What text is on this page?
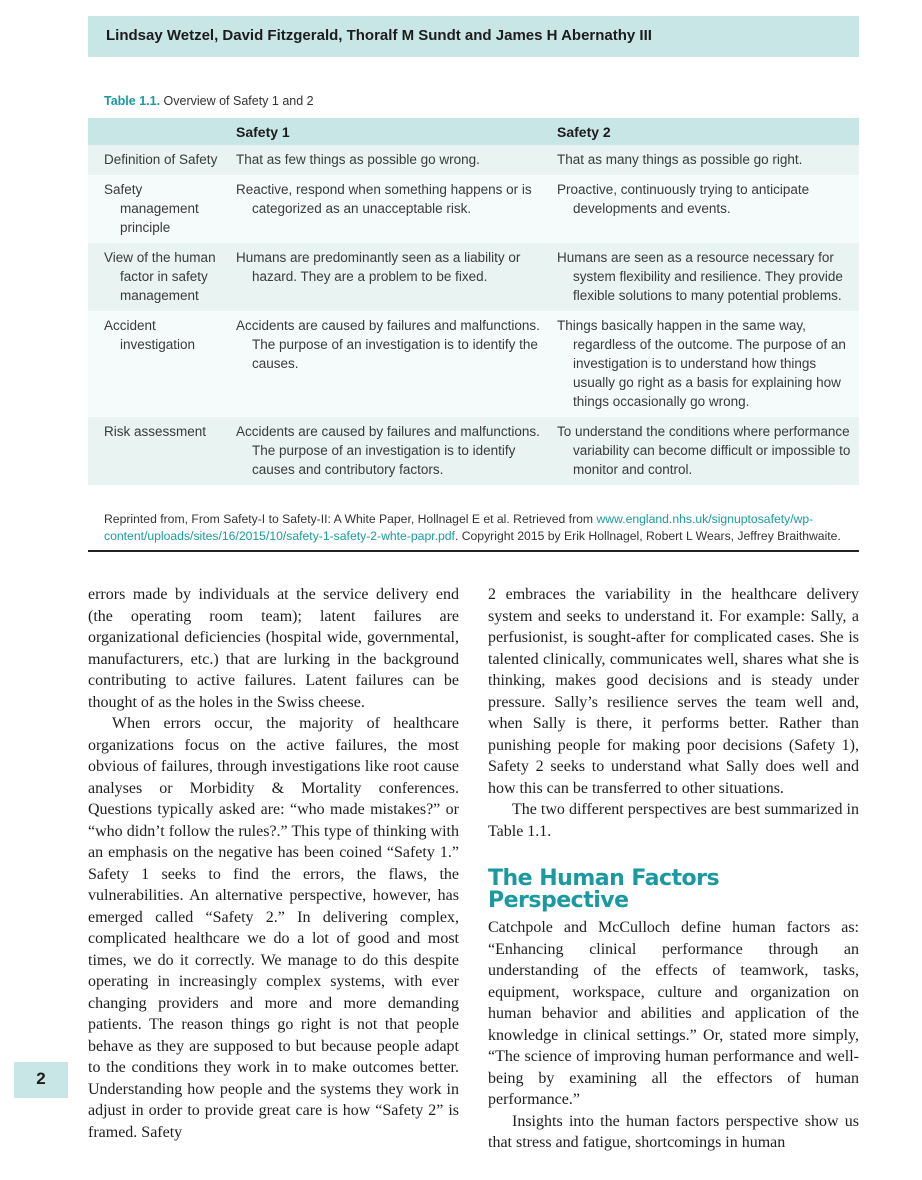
Lindsay Wetzel, David Fitzgerald, Thoralf M Sundt and James H Abernathy III
Table 1.1. Overview of Safety 1 and 2
	Safety 1	Safety 2

Definition of Safety	That as few things as possible go wrong.	That as many things as possible go right.

Safety management principle	Reactive, respond when something happens or is categorized as an unacceptable risk.	Proactive, continuously trying to anticipate developments and events.

View of the human factor in safety management	Humans are predominantly seen as a liability or hazard. They are a problem to be fixed.	Humans are seen as a resource necessary for system flexibility and resilience. They provide flexible solutions to many potential problems.

Accident investigation	Accidents are caused by failures and malfunctions. The purpose of an investigation is to identify the causes.	Things basically happen in the same way, regardless of the outcome. The purpose of an investigation is to understand how things usually go right as a basis for explaining how things occasionally go wrong.

Risk assessment	Accidents are caused by failures and malfunctions. The purpose of an investigation is to identify causes and contributory factors.	To understand the conditions where performance variability can become difficult or impossible to monitor and control.
Reprinted from, From Safety-I to Safety-II: A White Paper, Hollnagel E et al. Retrieved from www.england.nhs.uk/signuptosafety/wp-content/uploads/sites/16/2015/10/safety-1-safety-2-whte-papr.pdf. Copyright 2015 by Erik Hollnagel, Robert L Wears, Jeffrey Braithwaite.

errors made by individuals at the service delivery end (the operating room team); latent failures are organizational deficiencies (hospital wide, governmental, manufacturers, etc.) that are lurking in the background contributing to active failures. Latent failures can be thought of as the holes in the Swiss cheese.

When errors occur, the majority of healthcare organizations focus on the active failures, the most obvious of failures, through investigations like root cause analyses or Morbidity & Mortality conferences. Questions typically asked are: “who made mistakes?” or “who didn’t follow the rules?.” This type of thinking with an emphasis on the negative has been coined “Safety 1.” Safety 1 seeks to find the errors, the flaws, the vulnerabilities. An alternative perspective, however, has emerged called “Safety 2.” In delivering complex, complicated healthcare we do a lot of good and most times, we do it correctly. We manage to do this despite operating in increasingly complex systems, with ever changing providers and more and more demanding patients. The reason things go right is not that people behave as they are supposed to but because people adapt to the conditions they work in to make outcomes better. Understanding how people and the systems they work in adjust in order to provide great care is how “Safety 2” is framed. Safety

2 embraces the variability in the healthcare delivery system and seeks to understand it. For example: Sally, a perfusionist, is sought-after for complicated cases. She is talented clinically, communicates well, shares what she is thinking, makes good decisions and is steady under pressure. Sally’s resilience serves the team well and, when Sally is there, it performs better. Rather than punishing people for making poor decisions (Safety 1), Safety 2 seeks to understand what Sally does well and how this can be transferred to other situations.

The two different perspectives are best summarized in Table 1.1.

The Human Factors Perspective

Catchpole and McCulloch define human factors as: “Enhancing clinical performance through an understanding of the effects of teamwork, tasks, equipment, workspace, culture and organization on human behavior and abilities and application of the knowledge in clinical settings.” Or, stated more simply, “The science of improving human performance and well-being by examining all the effectors of human performance.”

Insights into the human factors perspective show us that stress and fatigue, shortcomings in human

2
